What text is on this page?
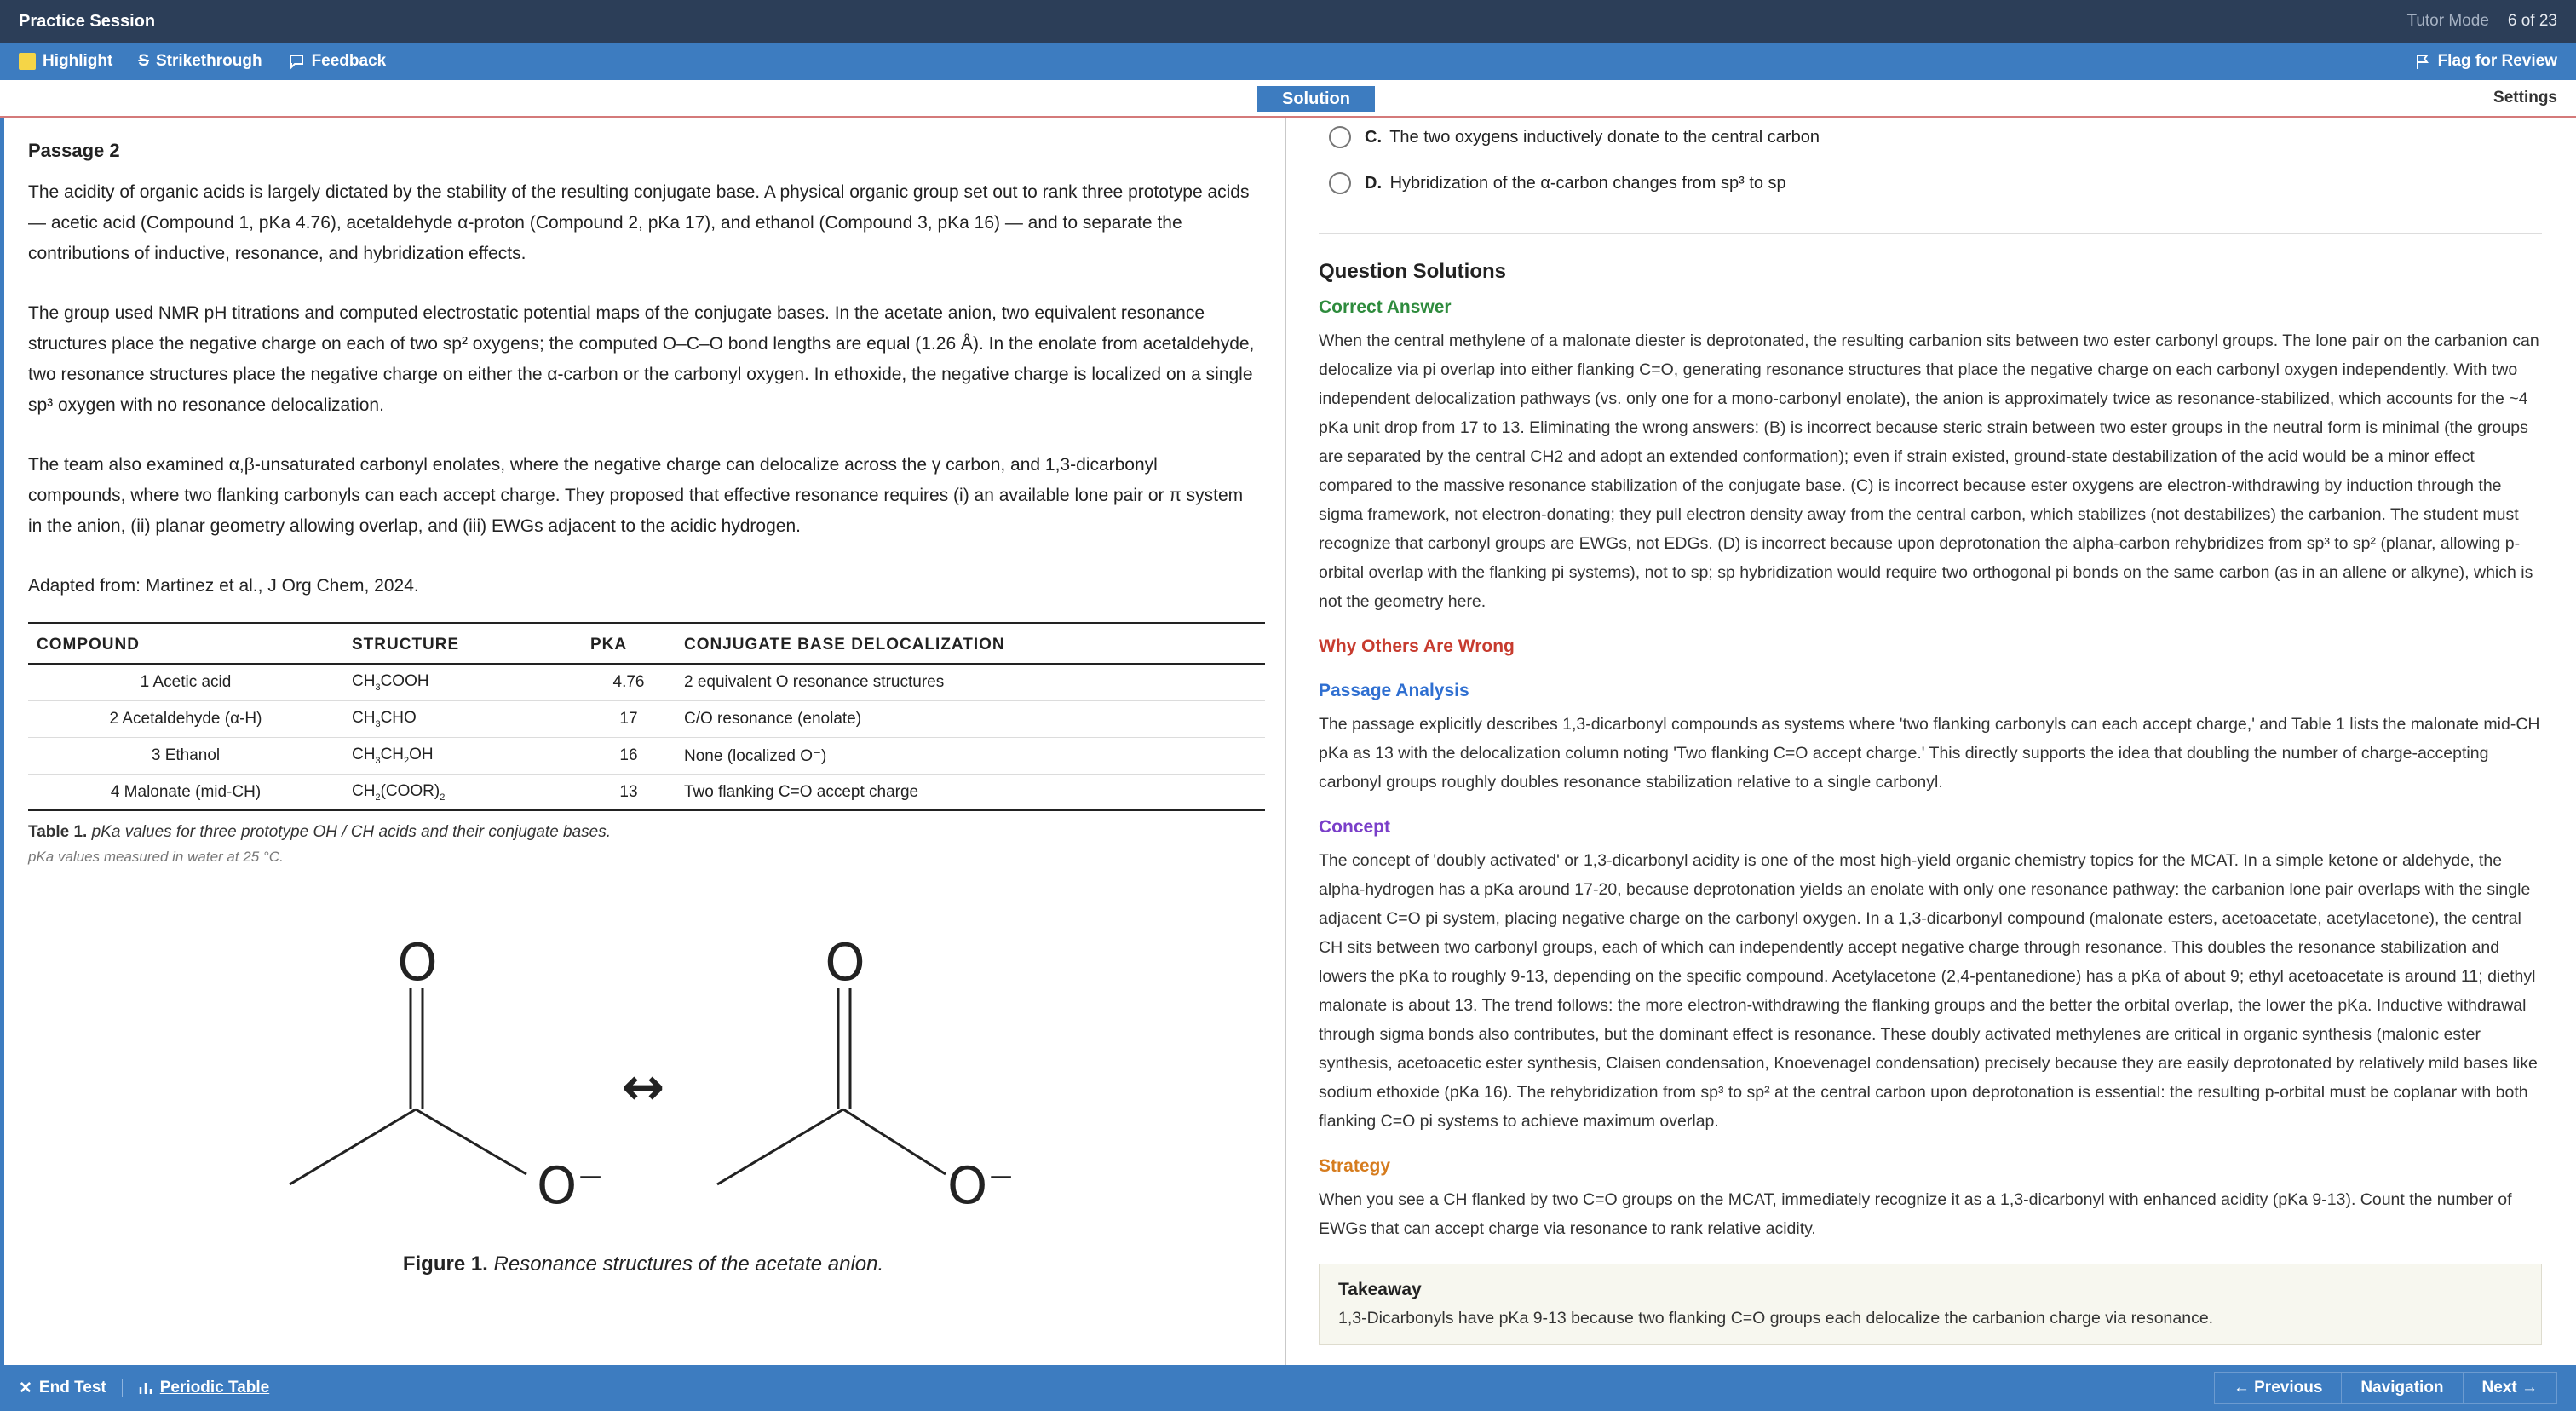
Practice Session	Tutor Mode 6 of 23
Highlight S Strikethrough	Feedback	Flag for Review
Solution	Settings
Passage 2

The acidity of organic acids is largely dictated by the stability of the resulting conjugate base. A physical organic group set out to rank three prototype acids — acetic acid (Compound 1, pKa 4.76), acetaldehyde α-proton (Compound 2, pKa 17), and ethanol (Compound 3, pKa 16) — and to separate the contributions of inductive, resonance, and hybridization effects.

The group used NMR pH titrations and computed electrostatic potential maps of the conjugate bases. In the acetate anion, two equivalent resonance structures place the negative charge on each of two sp² oxygens; the computed O–C–O bond lengths are equal (1.26 Å). In the enolate from acetaldehyde, two resonance structures place the negative charge on either the α-carbon or the carbonyl oxygen. In ethoxide, the negative charge is localized on a single sp³ oxygen with no resonance delocalization.

The team also examined α,β-unsaturated carbonyl enolates, where the negative charge can delocalize across the γ carbon, and 1,3-dicarbonyl compounds, where two flanking carbonyls can each accept charge. They proposed that effective resonance requires (i) an available lone pair or π system in the anion, (ii) planar geometry allowing overlap, and (iii) EWGs adjacent to the acidic hydrogen.

Adapted from: Martinez et al., J Org Chem, 2024.

COMPOUND	STRUCTURE	PKA	CONJUGATE BASE DELOCALIZATION
1 Acetic acid	$CH_3COOH$	4.76	2 equivalent O resonance structures
2 Acetaldehyde (α-H)	$CH_3CHO$	17	C/O resonance (enolate)
3 Ethanol	$CH_3CH_2OH$	16	None (localized O⁻)
4 Malonate (mid-CH)	$CH_2(COOR)_2$	13	Two flanking C=O accept charge
Table 1. pKa values for three prototype OH / CH acids and their conjugate bases.
pKa values measured in water at 25 °C.
O
O⁻
↔
O
O⁻
Figure 1. Resonance structures of the acetate anion.
C. The two oxygens inductively donate to the central carbon
D. Hybridization of the α-carbon changes from sp³ to sp
Question Solutions
Correct Answer

When the central methylene of a malonate diester is deprotonated, the resulting carbanion sits between two ester carbonyl groups. The lone pair on the carbanion can delocalize via pi overlap into either flanking C=O, generating resonance structures that place the negative charge on each carbonyl oxygen independently. With two independent delocalization pathways (vs. only one for a mono-carbonyl enolate), the anion is approximately twice as resonance-stabilized, which accounts for the ~4 pKa unit drop from 17 to 13. Eliminating the wrong answers: (B) is incorrect because steric strain between two ester groups in the neutral form is minimal (the groups are separated by the central CH2 and adopt an extended conformation); even if strain existed, ground-state destabilization of the acid would be a minor effect compared to the massive resonance stabilization of the conjugate base. (C) is incorrect because ester oxygens are electron-withdrawing by induction through the sigma framework, not electron-donating; they pull electron density away from the central carbon, which stabilizes (not destabilizes) the carbanion. The student must recognize that carbonyl groups are EWGs, not EDGs. (D) is incorrect because upon deprotonation the alpha-carbon rehybridizes from sp³ to sp² (planar, allowing p-orbital overlap with the flanking pi systems), not to sp; sp hybridization would require two orthogonal pi bonds on the same carbon (as in an allene or alkyne), which is not the geometry here.

Why Others Are Wrong
Passage Analysis

The passage explicitly describes 1,3-dicarbonyl compounds as systems where 'two flanking carbonyls can each accept charge,' and Table 1 lists the malonate mid-CH pKa as 13 with the delocalization column noting 'Two flanking C=O accept charge.' This directly supports the idea that doubling the number of charge-accepting carbonyl groups roughly doubles resonance stabilization relative to a single carbonyl.

Concept

The concept of 'doubly activated' or 1,3-dicarbonyl acidity is one of the most high-yield organic chemistry topics for the MCAT. In a simple ketone or aldehyde, the alpha-hydrogen has a pKa around 17-20, because deprotonation yields an enolate with only one resonance pathway: the carbanion lone pair overlaps with the single adjacent C=O pi system, placing negative charge on the carbonyl oxygen. In a 1,3-dicarbonyl compound (malonate esters, acetoacetate, acetylacetone), the central CH sits between two carbonyl groups, each of which can independently accept negative charge through resonance. This doubles the resonance stabilization and lowers the pKa to roughly 9-13, depending on the specific compound. Acetylacetone (2,4-pentanedione) has a pKa of about 9; ethyl acetoacetate is around 11; diethyl malonate is about 13. The trend follows: the more electron-withdrawing the flanking groups and the better the orbital overlap, the lower the pKa. Inductive withdrawal through sigma bonds also contributes, but the dominant effect is resonance. These doubly activated methylenes are critical in organic synthesis (malonic ester synthesis, acetoacetic ester synthesis, Claisen condensation, Knoevenagel condensation) precisely because they are easily deprotonated by relatively mild bases like sodium ethoxide (pKa 16). The rehybridization from sp³ to sp² at the central carbon upon deprotonation is essential: the resulting p-orbital must be coplanar with both flanking C=O pi systems to achieve maximum overlap.

Strategy

When you see a CH flanked by two C=O groups on the MCAT, immediately recognize it as a 1,3-dicarbonyl with enhanced acidity (pKa 9-13). Count the number of EWGs that can accept charge via resonance to rank relative acidity.

Takeaway
1,3-Dicarbonyls have pKa 9-13 because two flanking C=O groups each delocalize the carbanion charge via resonance.
✕ End Test	Periodic Table	← Previous	Navigation	Next →
